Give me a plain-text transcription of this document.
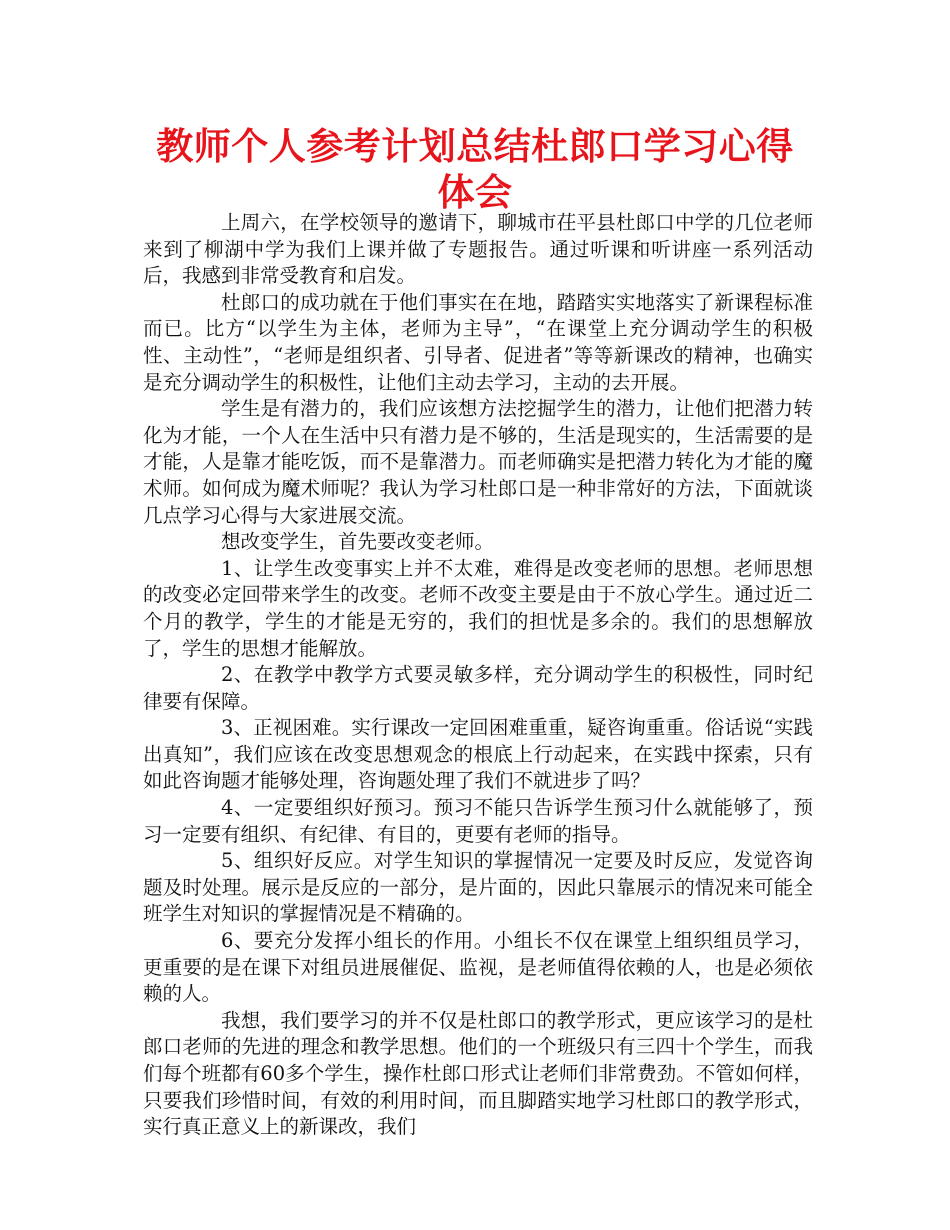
教师个人参考计划总结杜郎口学习心得体会

上周六，在学校领导的邀请下，聊城市茌平县杜郎口中学的几位老师来到了柳湖中学为我们上课并做了专题报告。通过听课和听讲座一系列活动后，我感到非常受教育和启发。

杜郎口的成功就在于他们事实在在地，踏踏实实地落实了新课程标准而已。比方“以学生为主体，老师为主导”，“在课堂上充分调动学生的积极性、主动性”，“老师是组织者、引导者、促进者”等等新课改的精神，也确实是充分调动学生的积极性，让他们主动去学习，主动的去开展。

学生是有潜力的，我们应该想方法挖掘学生的潜力，让他们把潜力转化为才能，一个人在生活中只有潜力是不够的，生活是现实的，生活需要的是才能，人是靠才能吃饭，而不是靠潜力。而老师确实是把潜力转化为才能的魔术师。如何成为魔术师呢？我认为学习杜郎口是一种非常好的方法，下面就谈几点学习心得与大家进展交流。

想改变学生，首先要改变老师。

1、让学生改变事实上并不太难，难得是改变老师的思想。老师思想的改变必定回带来学生的改变。老师不改变主要是由于不放心学生。通过近二个月的教学，学生的才能是无穷的，我们的担忧是多余的。我们的思想解放了，学生的思想才能解放。

2、在教学中教学方式要灵敏多样，充分调动学生的积极性，同时纪律要有保障。

3、正视困难。实行课改一定回困难重重，疑咨询重重。俗话说“实践出真知”，我们应该在改变思想观念的根底上行动起来，在实践中探索，只有如此咨询题才能够处理，咨询题处理了我们不就进步了吗？

4、一定要组织好预习。预习不能只告诉学生预习什么就能够了，预习一定要有组织、有纪律、有目的，更要有老师的指导。

5、组织好反应。对学生知识的掌握情况一定要及时反应，发觉咨询题及时处理。展示是反应的一部分，是片面的，因此只靠展示的情况来可能全班学生对知识的掌握情况是不精确的。

6、要充分发挥小组长的作用。小组长不仅在课堂上组织组员学习，更重要的是在课下对组员进展催促、监视，是老师值得依赖的人，也是必须依赖的人。

我想，我们要学习的并不仅是杜郎口的教学形式，更应该学习的是杜郎口老师的先进的理念和教学思想。他们的一个班级只有三四十个学生，而我们每个班都有60多个学生，操作杜郎口形式让老师们非常费劲。不管如何样，只要我们珍惜时间，有效的利用时间，而且脚踏实地学习杜郎口的教学形式，实行真正意义上的新课改，我们
